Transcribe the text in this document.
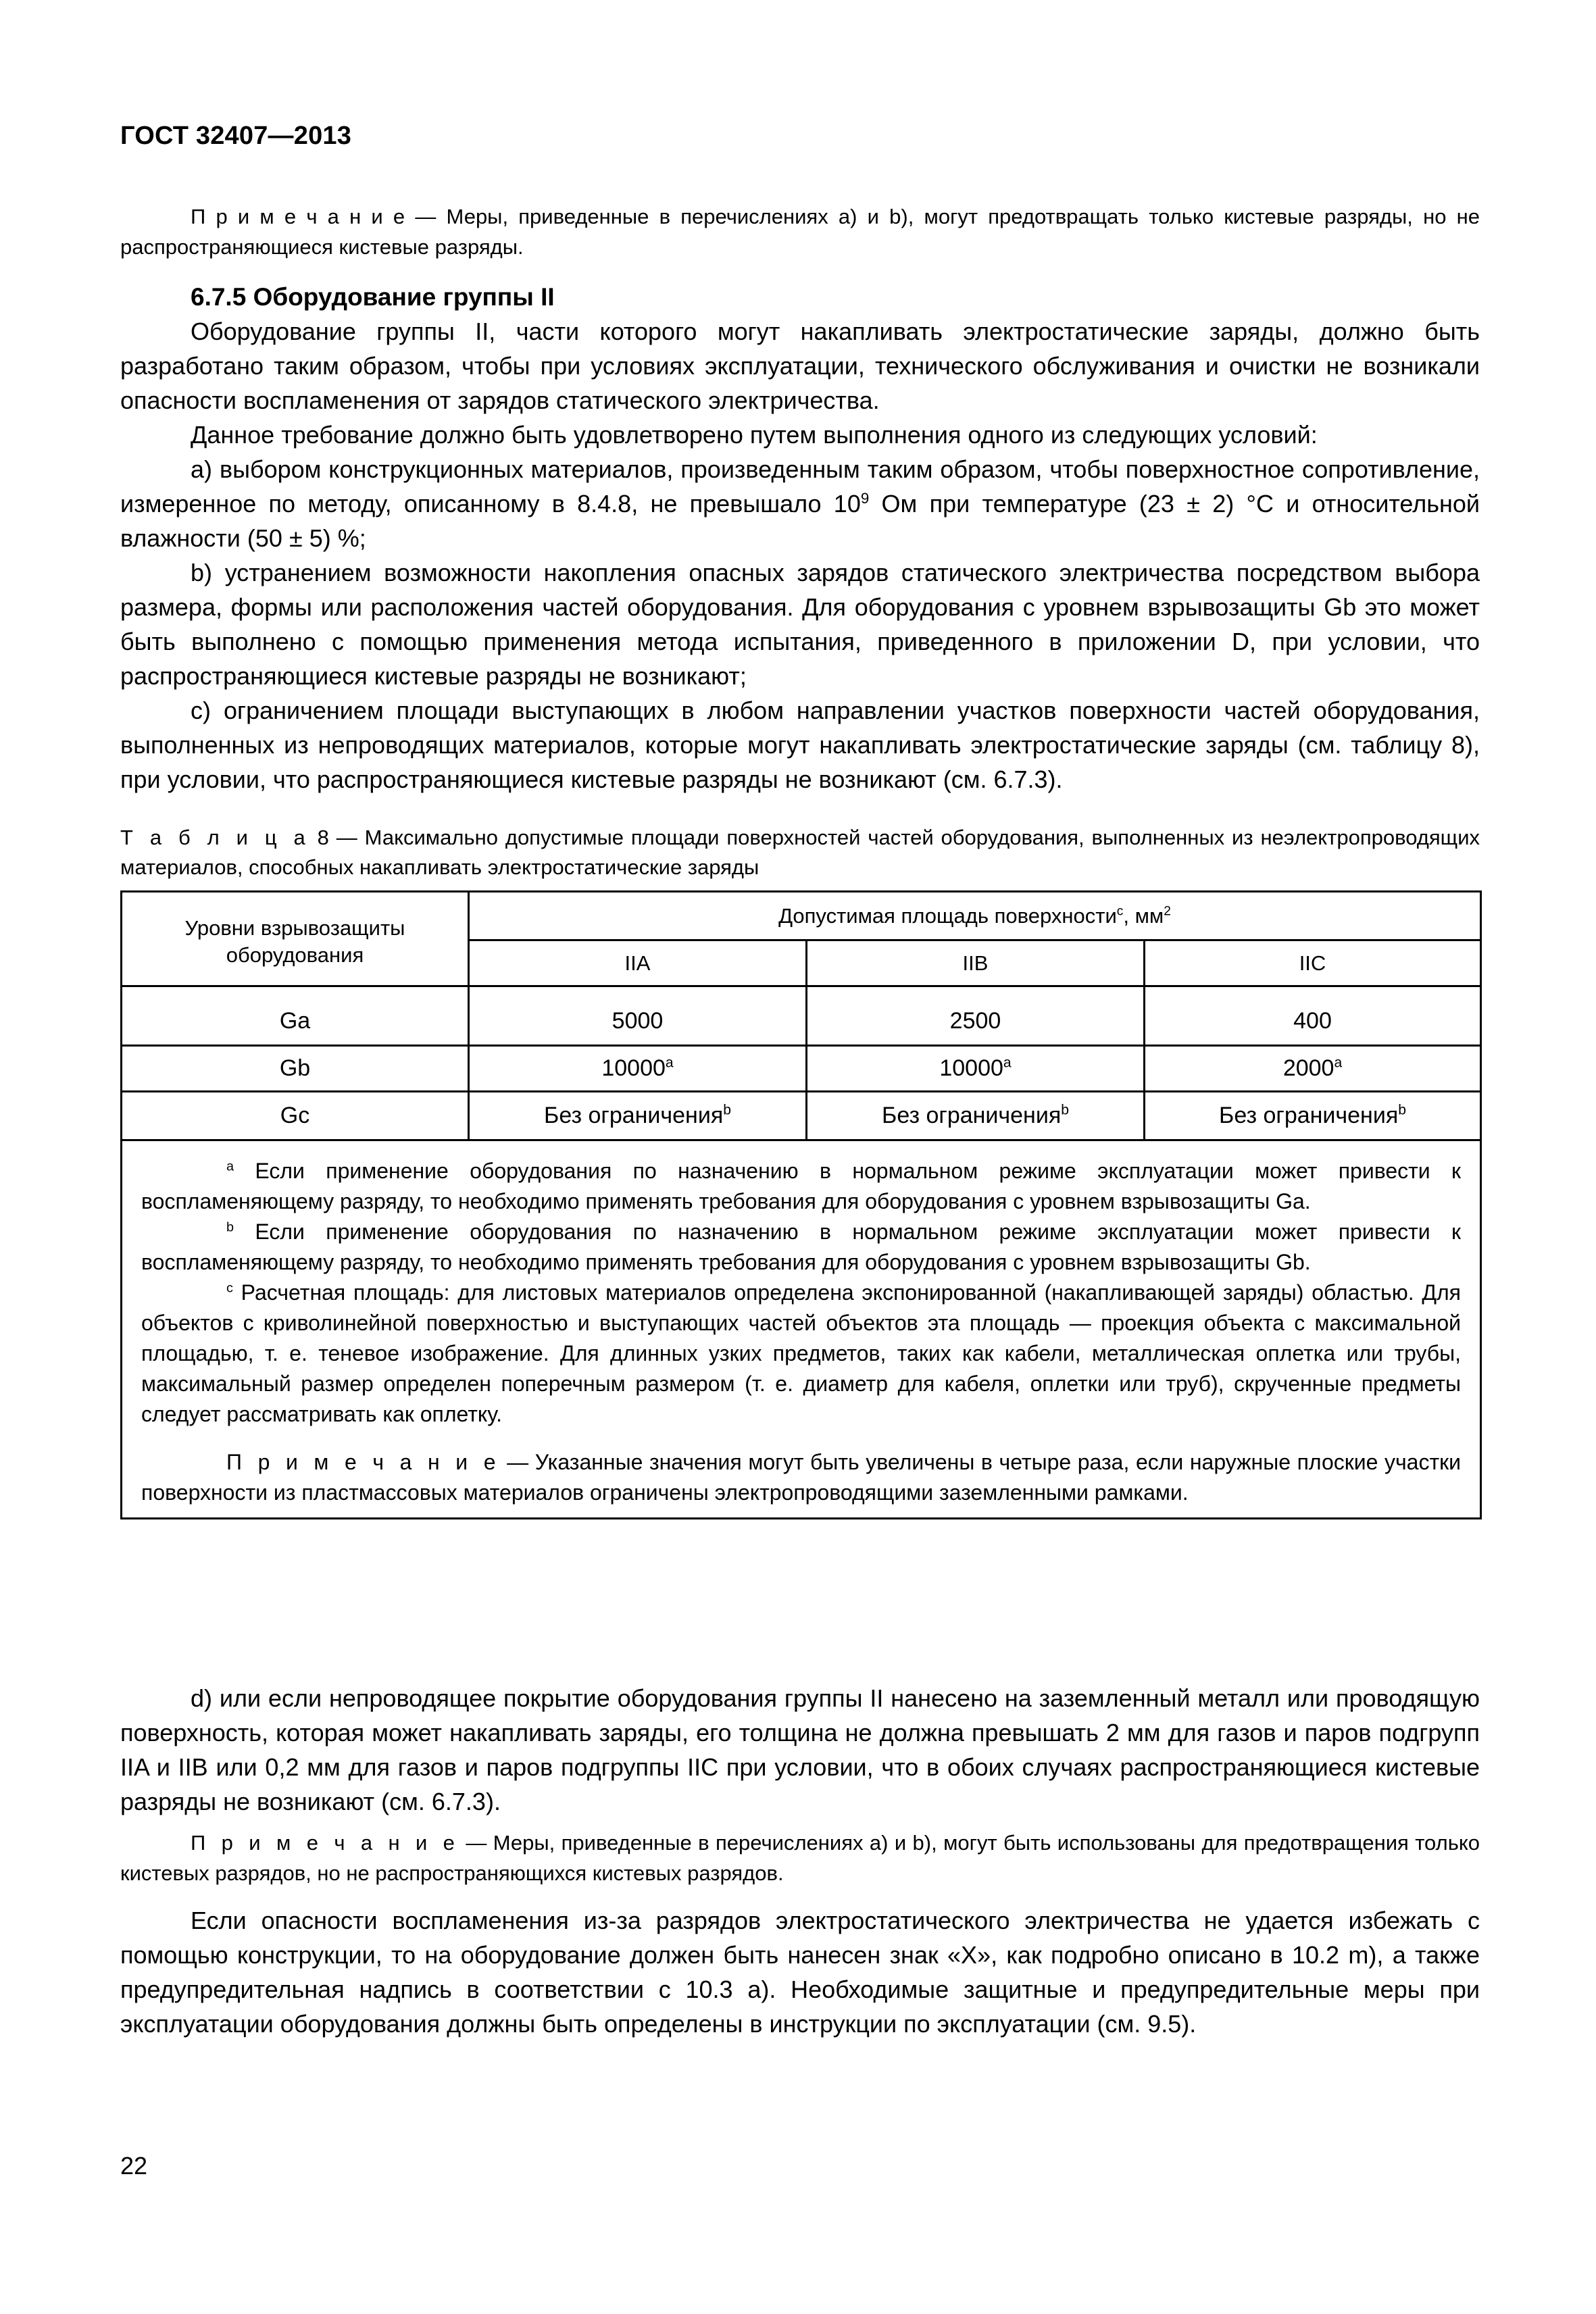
ГОСТ 32407—2013

П р и м е ч а н и е — Меры, приведенные в перечислениях a) и b), могут предотвращать только кистевые разряды, но не распространяющиеся кистевые разряды.

6.7.5 Оборудование группы II

Оборудование группы II, части которого могут накапливать электростатические заряды, должно быть разработано таким образом, чтобы при условиях эксплуатации, технического обслуживания и очистки не возникали опасности воспламенения от зарядов статического электричества.

Данное требование должно быть удовлетворено путем выполнения одного из следующих условий:

а) выбором конструкционных материалов, произведенным таким образом, чтобы поверхностное сопротивление, измеренное по методу, описанному в 8.4.8, не превышало $10^9$ Ом при температуре (23 ± 2) °С и относительной влажности (50 ± 5) %;

b) устранением возможности накопления опасных зарядов статического электричества посредством выбора размера, формы или расположения частей оборудования. Для оборудования с уровнем взрывозащиты Gb это может быть выполнено с помощью применения метода испытания, приведенного в приложении D, при условии, что распространяющиеся кистевые разряды не возникают;

с) ограничением площади выступающих в любом направлении участков поверхности частей оборудования, выполненных из непроводящих материалов, которые могут накапливать электростатические заряды (см. таблицу 8), при условии, что распространяющиеся кистевые разряды не возникают (см. 6.7.3).

Т а б л и ц а 8 — Максимально допустимые площади поверхностей частей оборудования, выполненных из неэлектропроводящих материалов, способных накапливать электростатические заряды

Уровни взрывозащиты оборудования	Допустимая площадь поверхности$^c$, $мм^2$
	IIA	IIB	IIC

Ga	5000	2500	400
Gb	10000$^a$	10000$^a$	2000$^a$
Gc	Без ограничения$^b$	Без ограничения$^b$	Без ограничения$^b$

$^a$ Если применение оборудования по назначению в нормальном режиме эксплуатации может привести к воспламеняющему разряду, то необходимо применять требования для оборудования с уровнем взрывозащиты Ga.

$^b$ Если применение оборудования по назначению в нормальном режиме эксплуатации может привести к воспламеняющему разряду, то необходимо применять требования для оборудования с уровнем взрывозащиты Gb.

$^c$ Расчетная площадь: для листовых материалов определена экспонированной (накапливающей заряды) областью. Для объектов с криволинейной поверхностью и выступающих частей объектов эта площадь — проекция объекта с максимальной площадью, т. е. теневое изображение. Для длинных узких предметов, таких как кабели, металлическая оплетка или трубы, максимальный размер определен поперечным размером (т. е. диаметр для кабеля, оплетки или труб), скрученные предметы следует рассматривать как оплетку.

П р и м е ч а н и е — Указанные значения могут быть увеличены в четыре раза, если наружные плоские участки поверхности из пластмассовых материалов ограничены электропроводящими заземленными рамками.			

d) или если непроводящее покрытие оборудования группы II нанесено на заземленный металл или проводящую поверхность, которая может накапливать заряды, его толщина не должна превышать 2 мм для газов и паров подгрупп IIA и IIB или 0,2 мм для газов и паров подгруппы IIC при условии, что в обоих случаях распространяющиеся кистевые разряды не возникают (см. 6.7.3).

П р и м е ч а н и е — Меры, приведенные в перечислениях а) и b), могут быть использованы для предотвращения только кистевых разрядов, но не распространяющихся кистевых разрядов.

Если опасности воспламенения из-за разрядов электростатического электричества не удается избежать с помощью конструкции, то на оборудование должен быть нанесен знак «X», как подробно описано в 10.2 m), а также предупредительная надпись в соответствии с 10.3 а). Необходимые защитные и предупредительные меры при эксплуатации оборудования должны быть определены в инструкции по эксплуатации (см. 9.5).

22
